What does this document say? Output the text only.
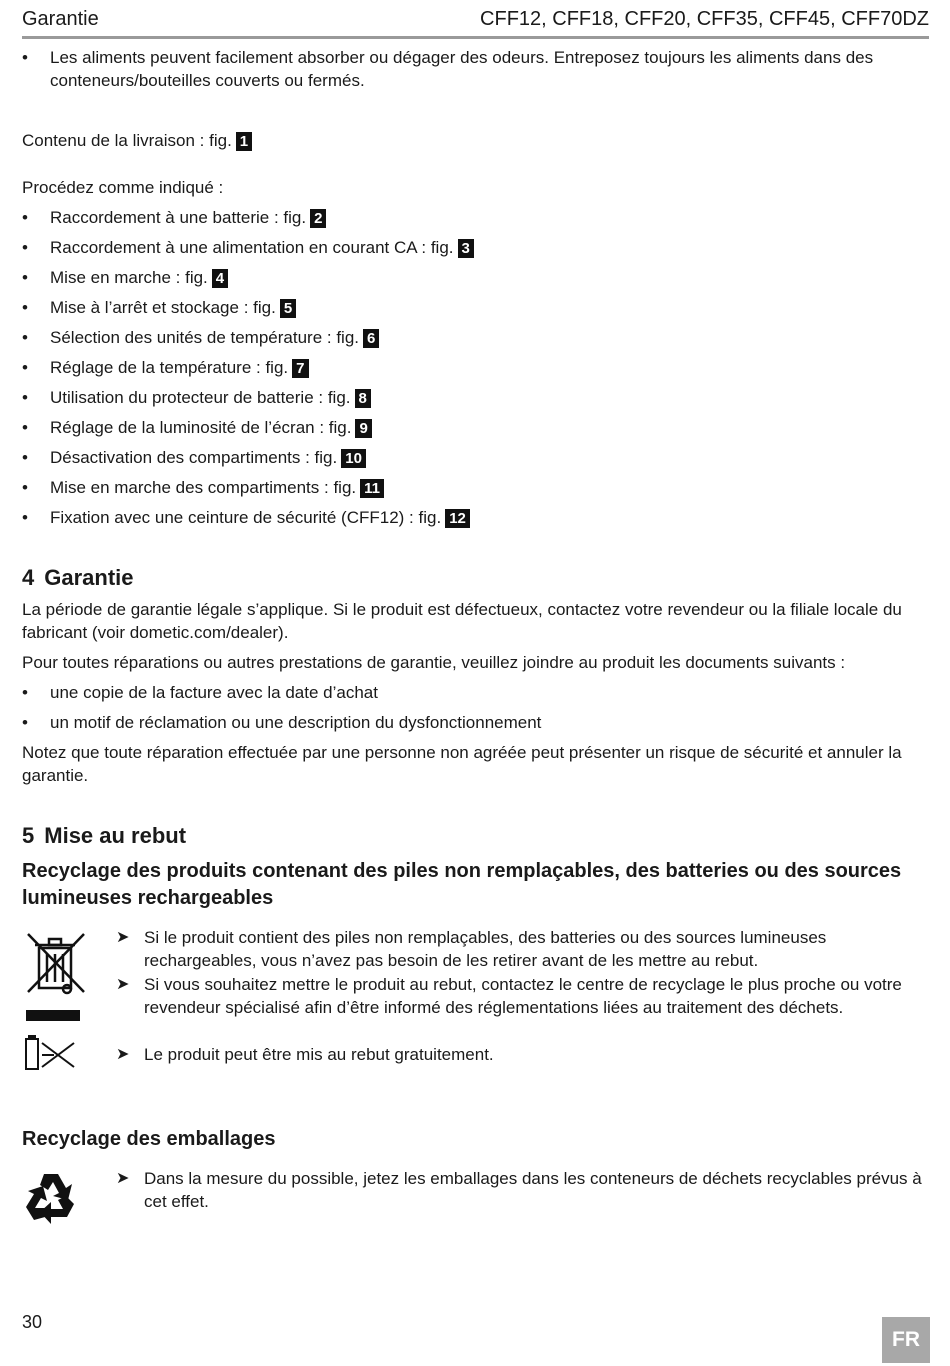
Garantie	CFF12, CFF18, CFF20, CFF35, CFF45, CFF70DZ
• Les aliments peuvent facilement absorber ou dégager des odeurs. Entreposez toujours les aliments dans des conteneurs/bouteilles couverts ou fermés.
Contenu de la livraison : fig. 1
Procédez comme indiqué :
• Raccordement à une batterie : fig. 2
• Raccordement à une alimentation en courant CA : fig. 3
• Mise en marche : fig. 4
• Mise à l’arrêt et stockage : fig. 5
• Sélection des unités de température : fig. 6
• Réglage de la température : fig. 7
• Utilisation du protecteur de batterie : fig. 8
• Réglage de la luminosité de l’écran : fig. 9
• Désactivation des compartiments : fig. 10
• Mise en marche des compartiments : fig. 11
• Fixation avec une ceinture de sécurité (CFF12) : fig. 12
4 Garantie
La période de garantie légale s’applique. Si le produit est défectueux, contactez votre revendeur ou la filiale locale du fabricant (voir dometic.com/dealer).
Pour toutes réparations ou autres prestations de garantie, veuillez joindre au produit les documents suivants :
• une copie de la facture avec la date d’achat
• un motif de réclamation ou une description du dysfonctionnement
Notez que toute réparation effectuée par une personne non agréée peut présenter un risque de sécurité et annuler la garantie.
5 Mise au rebut
Recyclage des produits contenant des piles non remplaçables, des batteries ou des sources lumineuses rechargeables
➤ Si le produit contient des piles non remplaçables, des batteries ou des sources lumineuses rechargeables, vous n’avez pas besoin de les retirer avant de les mettre au rebut.
➤ Si vous souhaitez mettre le produit au rebut, contactez le centre de recyclage le plus proche ou votre revendeur spécialisé afin d’être informé des réglementations liées au traitement des déchets.
➤ Le produit peut être mis au rebut gratuitement.
Recyclage des emballages
➤ Dans la mesure du possible, jetez les emballages dans les conteneurs de déchets recyclables prévus à cet effet.
30
FR
